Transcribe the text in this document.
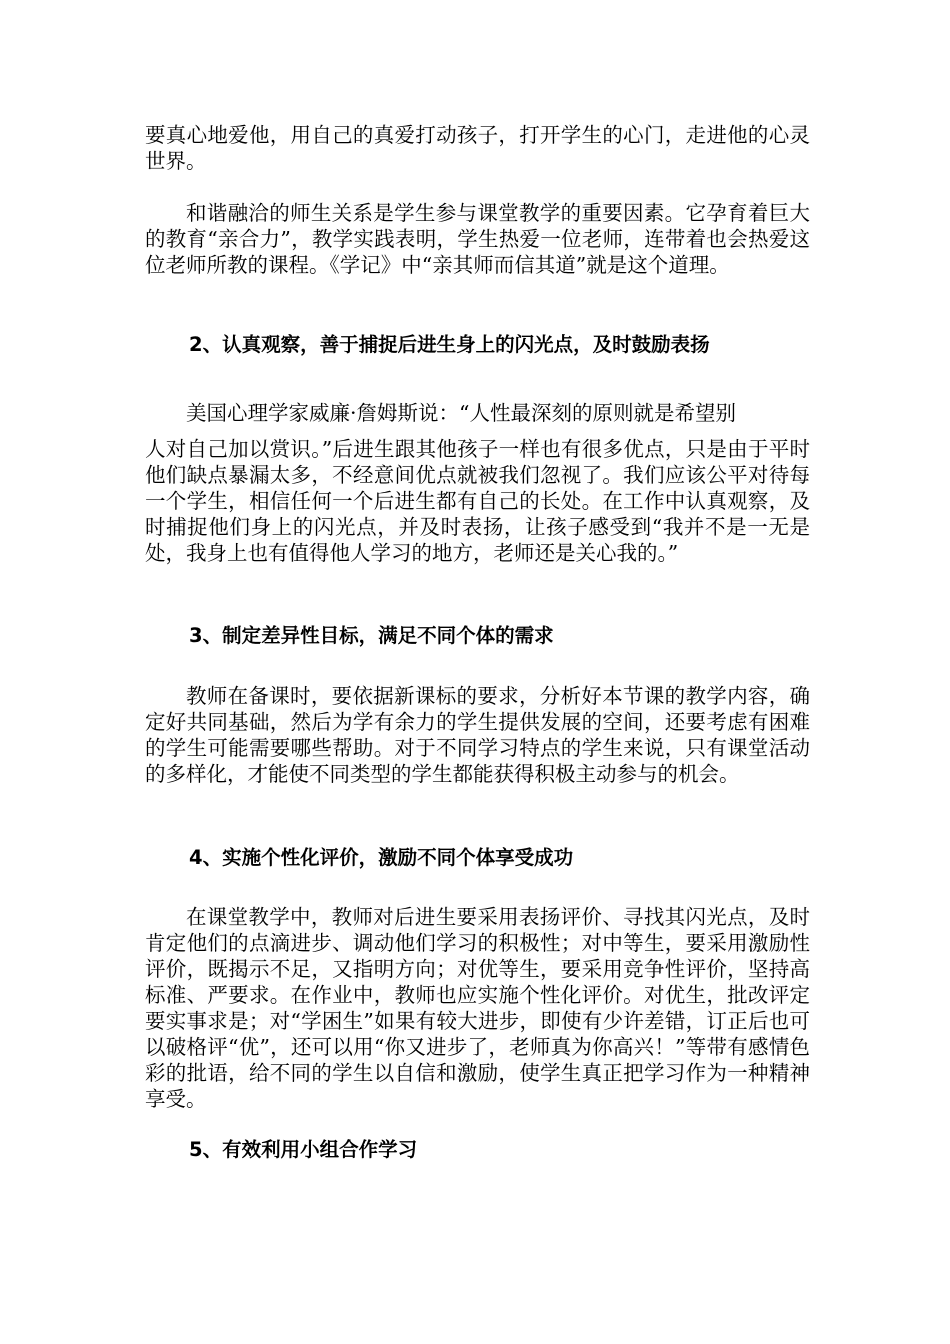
要真心地爱他，用自己的真爱打动孩子，打开学生的心门，走进他的心灵世界。

和谐融洽的师生关系是学生参与课堂教学的重要因素。它孕育着巨大的教育“亲合力”，教学实践表明，学生热爱一位老师，连带着也会热爱这位老师所教的课程。《学记》中“亲其师而信其道”就是这个道理。

2、认真观察，善于捕捉后进生身上的闪光点，及时鼓励表扬

美国心理学家威廉·詹姆斯说：“人性最深刻的原则就是希望别

人对自己加以赏识。”后进生跟其他孩子一样也有很多优点，只是由于平时他们缺点暴漏太多，不经意间优点就被我们忽视了。我们应该公平对待每一个学生，相信任何一个后进生都有自己的长处。在工作中认真观察，及时捕捉他们身上的闪光点，并及时表扬，让孩子感受到“我并不是一无是处，我身上也有值得他人学习的地方，老师还是关心我的。”

3、制定差异性目标，满足不同个体的需求

教师在备课时，要依据新课标的要求，分析好本节课的教学内容，确定好共同基础，然后为学有余力的学生提供发展的空间，还要考虑有困难的学生可能需要哪些帮助。对于不同学习特点的学生来说，只有课堂活动的多样化，才能使不同类型的学生都能获得积极主动参与的机会。

4、实施个性化评价，激励不同个体享受成功

在课堂教学中，教师对后进生要采用表扬评价、寻找其闪光点，及时肯定他们的点滴进步、调动他们学习的积极性；对中等生，要采用激励性评价，既揭示不足，又指明方向；对优等生，要采用竞争性评价，坚持高标准、严要求。在作业中，教师也应实施个性化评价。对优生，批改评定要实事求是；对“学困生”如果有较大进步，即使有少许差错，订正后也可以破格评“优”，还可以用“你又进步了，老师真为你高兴！”等带有感情色彩的批语，给不同的学生以自信和激励，使学生真正把学习作为一种精神享受。

5、有效利用小组合作学习
